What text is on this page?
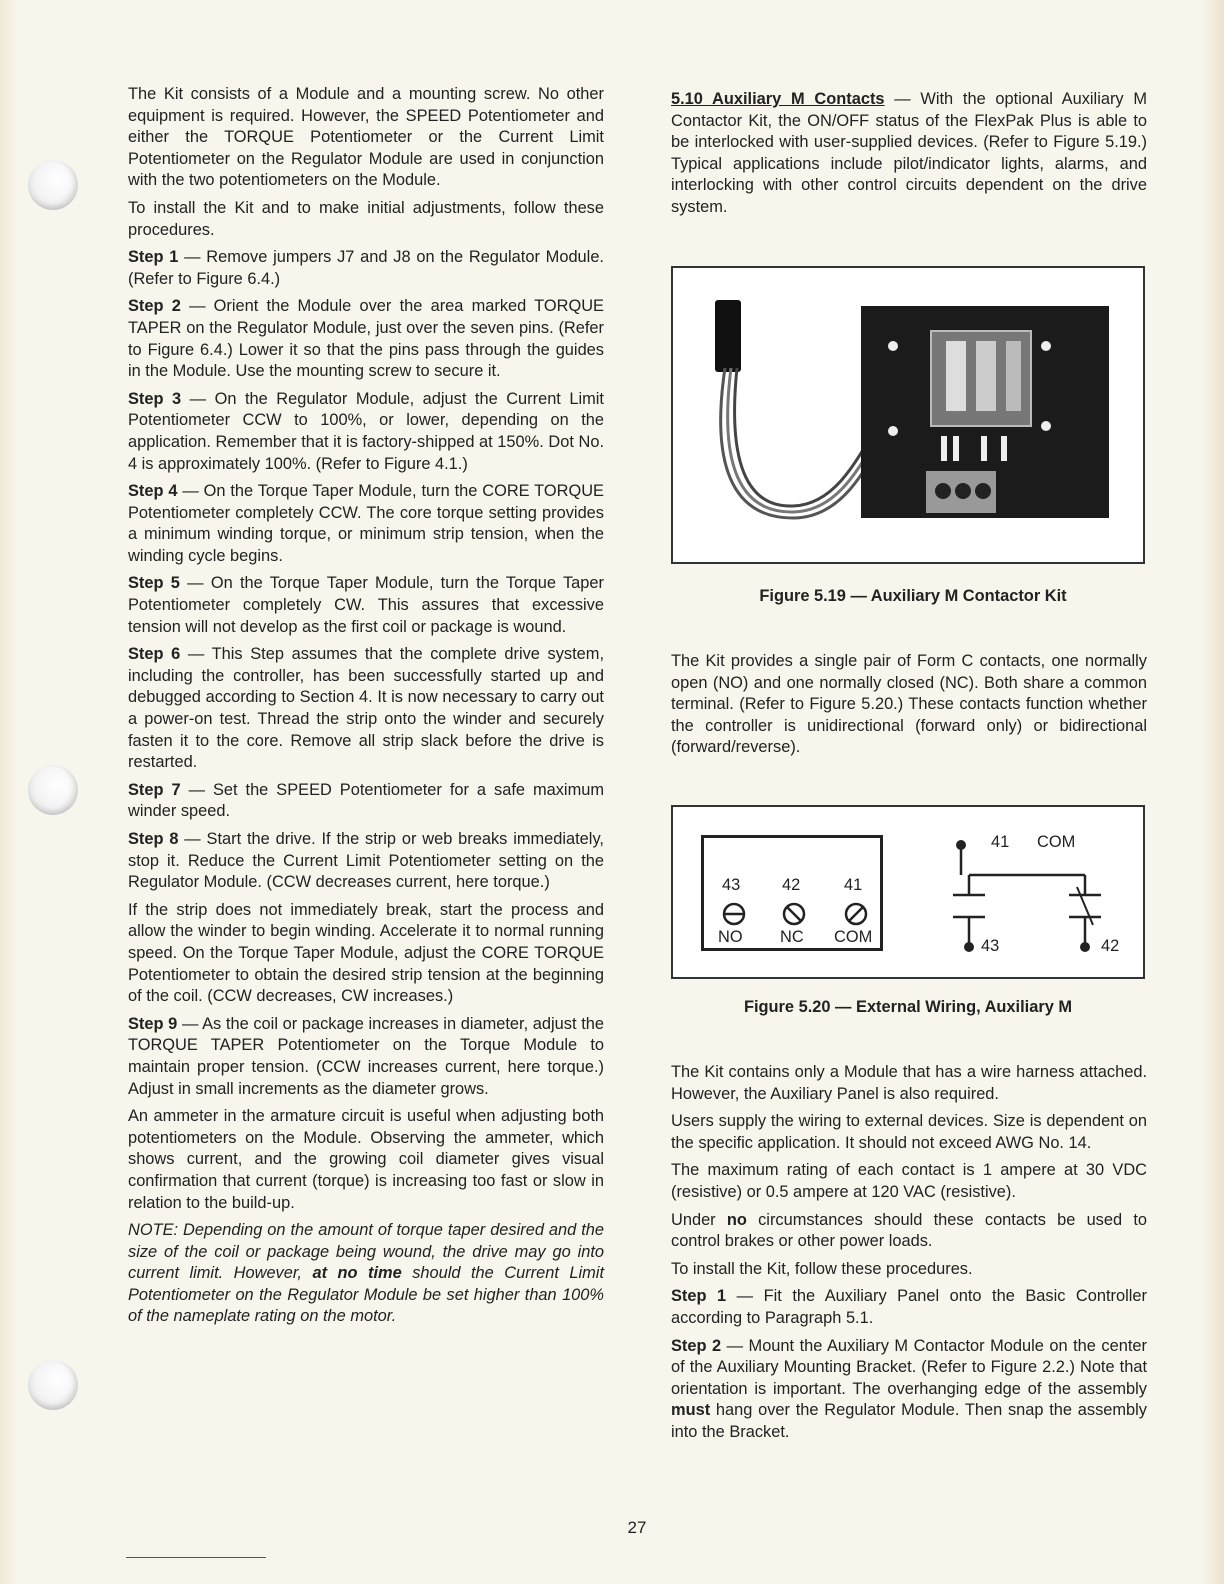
The Kit consists of a Module and a mounting screw. No other equipment is required. However, the SPEED Potentiometer and either the TORQUE Potentiometer or the Current Limit Potentiometer on the Regulator Module are used in conjunction with the two potentiometers on the Module.

To install the Kit and to make initial adjustments, follow these procedures.

Step 1 — Remove jumpers J7 and J8 on the Regulator Module. (Refer to Figure 6.4.)

Step 2 — Orient the Module over the area marked TORQUE TAPER on the Regulator Module, just over the seven pins. (Refer to Figure 6.4.) Lower it so that the pins pass through the guides in the Module. Use the mounting screw to secure it.

Step 3 — On the Regulator Module, adjust the Current Limit Potentiometer CCW to 100%, or lower, depending on the application. Remember that it is factory-shipped at 150%. Dot No. 4 is approximately 100%. (Refer to Figure 4.1.)

Step 4 — On the Torque Taper Module, turn the CORE TORQUE Potentiometer completely CCW. The core torque setting provides a minimum winding torque, or minimum strip tension, when the winding cycle begins.

Step 5 — On the Torque Taper Module, turn the Torque Taper Potentiometer completely CW. This assures that excessive tension will not develop as the first coil or package is wound.

Step 6 — This Step assumes that the complete drive system, including the controller, has been successfully started up and debugged according to Section 4. It is now necessary to carry out a power-on test. Thread the strip onto the winder and securely fasten it to the core. Remove all strip slack before the drive is restarted.

Step 7 — Set the SPEED Potentiometer for a safe maximum winder speed.

Step 8 — Start the drive. If the strip or web breaks immediately, stop it. Reduce the Current Limit Potentiometer setting on the Regulator Module. (CCW decreases current, here torque.)

If the strip does not immediately break, start the process and allow the winder to begin winding. Accelerate it to normal running speed. On the Torque Taper Module, adjust the CORE TORQUE Potentiometer to obtain the desired strip tension at the beginning of the coil. (CCW decreases, CW increases.)

Step 9 — As the coil or package increases in diameter, adjust the TORQUE TAPER Potentiometer on the Torque Module to maintain proper tension. (CCW increases current, here torque.) Adjust in small increments as the diameter grows.

An ammeter in the armature circuit is useful when adjusting both potentiometers on the Module. Observing the ammeter, which shows current, and the growing coil diameter gives visual confirmation that current (torque) is increasing too fast or slow in relation to the build-up.

NOTE: Depending on the amount of torque taper desired and the size of the coil or package being wound, the drive may go into current limit. However, at no time should the Current Limit Potentiometer on the Regulator Module be set higher than 100% of the nameplate rating on the motor.

5.10 Auxiliary M Contacts — With the optional Auxiliary M Contactor Kit, the ON/OFF status of the FlexPak Plus is able to be interlocked with user-supplied devices. (Refer to Figure 5.19.) Typical applications include pilot/indicator lights, alarms, and interlocking with other control circuits dependent on the drive system.

Figure 5.19 — Auxiliary M Contactor Kit

The Kit provides a single pair of Form C contacts, one normally open (NO) and one normally closed (NC). Both share a common terminal. (Refer to Figure 5.20.) These contacts function whether the controller is unidirectional (forward only) or bidirectional (forward/reverse).

43	42	41
NO NC COM
41 COM
43	42
Figure 5.20 — External Wiring, Auxiliary M

The Kit contains only a Module that has a wire harness attached. However, the Auxiliary Panel is also required.

Users supply the wiring to external devices. Size is dependent on the specific application. It should not exceed AWG No. 14.

The maximum rating of each contact is 1 ampere at 30 VDC (resistive) or 0.5 ampere at 120 VAC (resistive).

Under no circumstances should these contacts be used to control brakes or other power loads.

To install the Kit, follow these procedures.

Step 1 — Fit the Auxiliary Panel onto the Basic Controller according to Paragraph 5.1.

Step 2 — Mount the Auxiliary M Contactor Module on the center of the Auxiliary Mounting Bracket. (Refer to Figure 2.2.) Note that orientation is important. The overhanging edge of the assembly must hang over the Regulator Module. Then snap the assembly into the Bracket.

27
